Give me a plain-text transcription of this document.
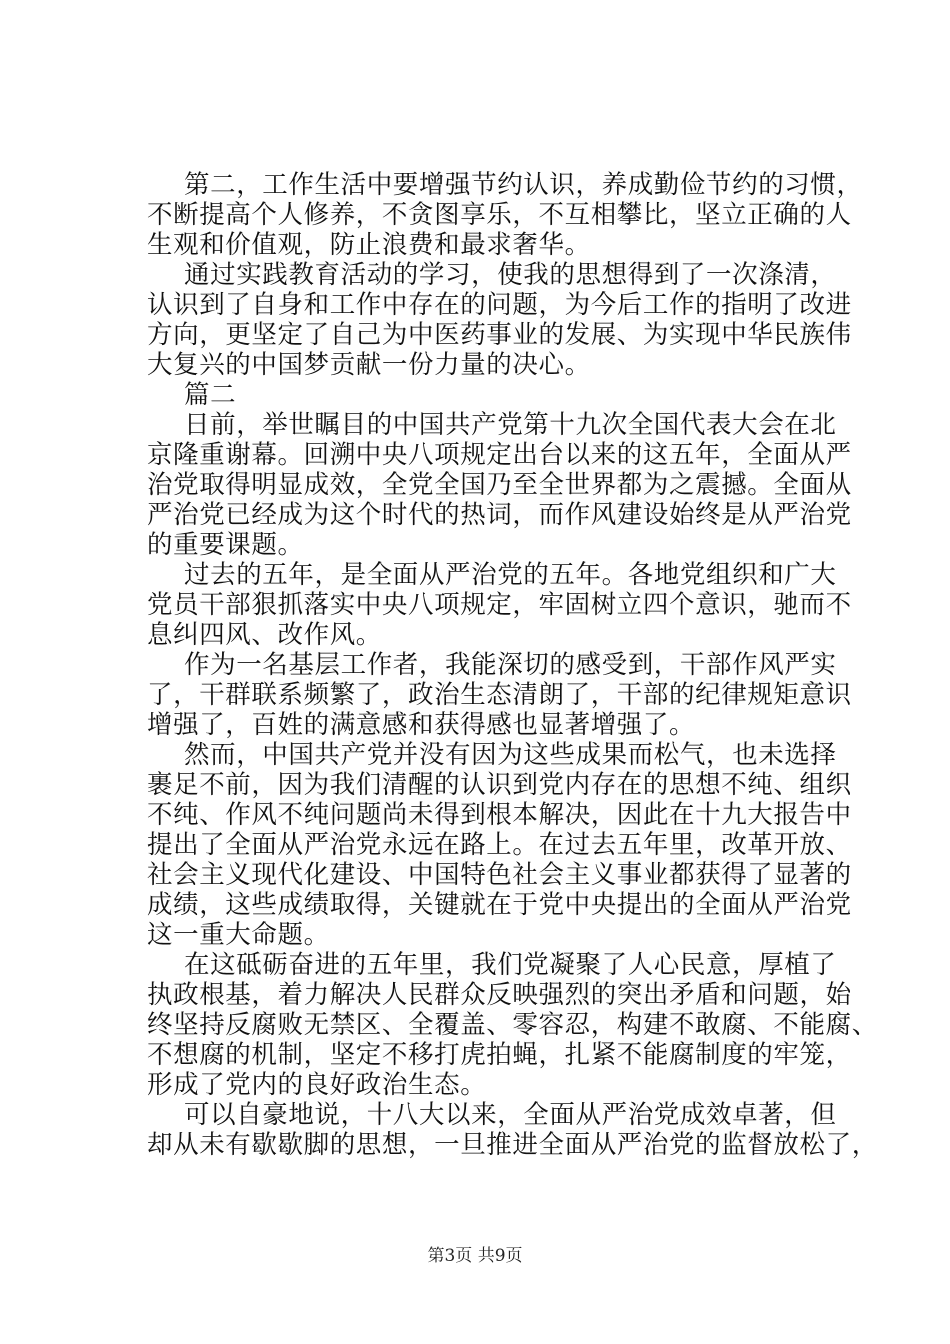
第二，工作生活中要增强节约认识，养成勤俭节约的习惯，

不断提高个人修养，不贪图享乐，不互相攀比，坚立正确的人

生观和价值观，防止浪费和最求奢华。

通过实践教育活动的学习，使我的思想得到了一次涤清，

认识到了自身和工作中存在的问题，为今后工作的指明了改进

方向，更坚定了自己为中医药事业的发展、为实现中华民族伟

大复兴的中国梦贡献一份力量的决心。

篇二

日前，举世瞩目的中国共产党第十九次全国代表大会在北

京隆重谢幕。回溯中央八项规定出台以来的这五年，全面从严

治党取得明显成效，全党全国乃至全世界都为之震撼。全面从

严治党已经成为这个时代的热词，而作风建设始终是从严治党

的重要课题。

过去的五年，是全面从严治党的五年。各地党组织和广大

党员干部狠抓落实中央八项规定，牢固树立四个意识，驰而不

息纠四风、改作风。

作为一名基层工作者，我能深切的感受到，干部作风严实

了，干群联系频繁了，政治生态清朗了，干部的纪律规矩意识

增强了，百姓的满意感和获得感也显著增强了。

然而，中国共产党并没有因为这些成果而松气，也未选择

裹足不前，因为我们清醒的认识到党内存在的思想不纯、组织

不纯、作风不纯问题尚未得到根本解决，因此在十九大报告中

提出了全面从严治党永远在路上。在过去五年里，改革开放、

社会主义现代化建设、中国特色社会主义事业都获得了显著的

成绩，这些成绩取得，关键就在于党中央提出的全面从严治党

这一重大命题。

在这砥砺奋进的五年里，我们党凝聚了人心民意，厚植了

执政根基，着力解决人民群众反映强烈的突出矛盾和问题，始

终坚持反腐败无禁区、全覆盖、零容忍，构建不敢腐、不能腐、

不想腐的机制，坚定不移打虎拍蝇，扎紧不能腐制度的牢笼，

形成了党内的良好政治生态。

可以自豪地说，十八大以来，全面从严治党成效卓著，但

却从未有歇歇脚的思想，一旦推进全面从严治党的监督放松了，

第3页 共9页
